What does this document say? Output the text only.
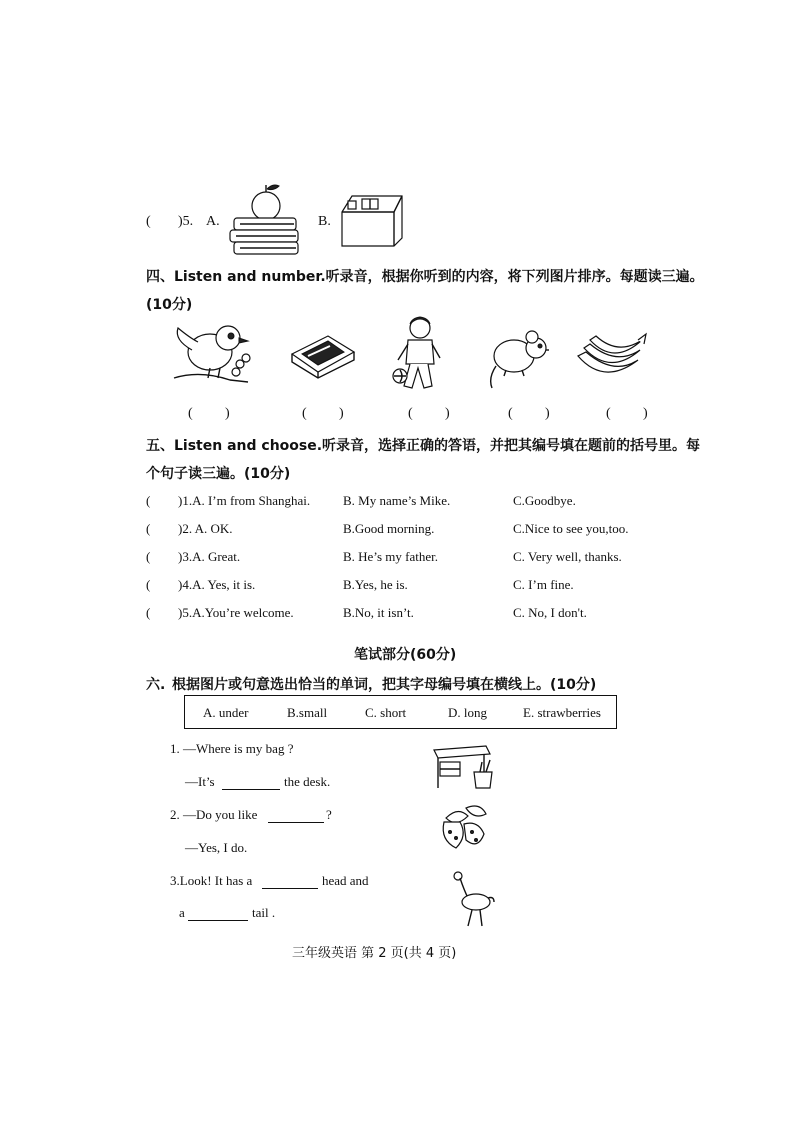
( )5. A.	B.
四、Listen and number.听录音，根据你听到的内容，将下列图片排序。每题读三遍。
(10分)
( )	( )	( )	( )	( )
五、Listen and choose.听录音，选择正确的答语，并把其编号填在题前的括号里。每
个句子读三遍。(10分)
( )1.A. I’m from Shanghai.	B. My name’s Mike.	C.Goodbye.
( )2. A. OK.	B.Good morning.	C.Nice to see you,too.
( )3.A. Great.	B. He’s my father.	C. Very well, thanks.
( )4.A. Yes, it is.	B.Yes, he is.	C. I’m fine.
( )5.A.You’re welcome.	B.No, it isn’t.	C. No, I don't.
笔试部分(60分)
六. 根据图片或句意选出恰当的单词，把其字母编号填在横线上。(10分)
A. under	B.small	C. short	D. long	E. strawberries
1. —Where is my bag ?
—It’s	the desk.
2. —Do you like	?
—Yes, I do.
3.Look! It has a	head and
a	tail .
三年级英语 第 2 页(共 4 页)
